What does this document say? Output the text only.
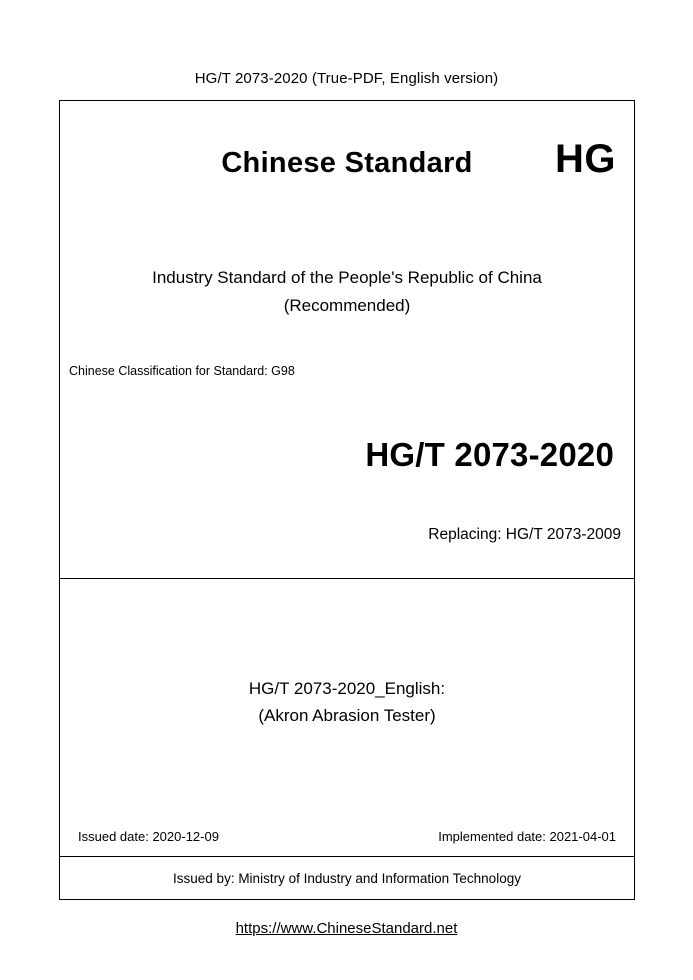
HG/T 2073-2020 (True-PDF, English version)
Chinese Standard	HG
Industry Standard of the People's Republic of China
(Recommended)
Chinese Classification for Standard: G98
HG/T 2073-2020
Replacing: HG/T 2073-2009
HG/T 2073-2020_English:
(Akron Abrasion Tester)
Issued date: 2020-12-09	Implemented date: 2021-04-01
Issued by: Ministry of Industry and Information Technology
https://www.ChineseStandard.net
